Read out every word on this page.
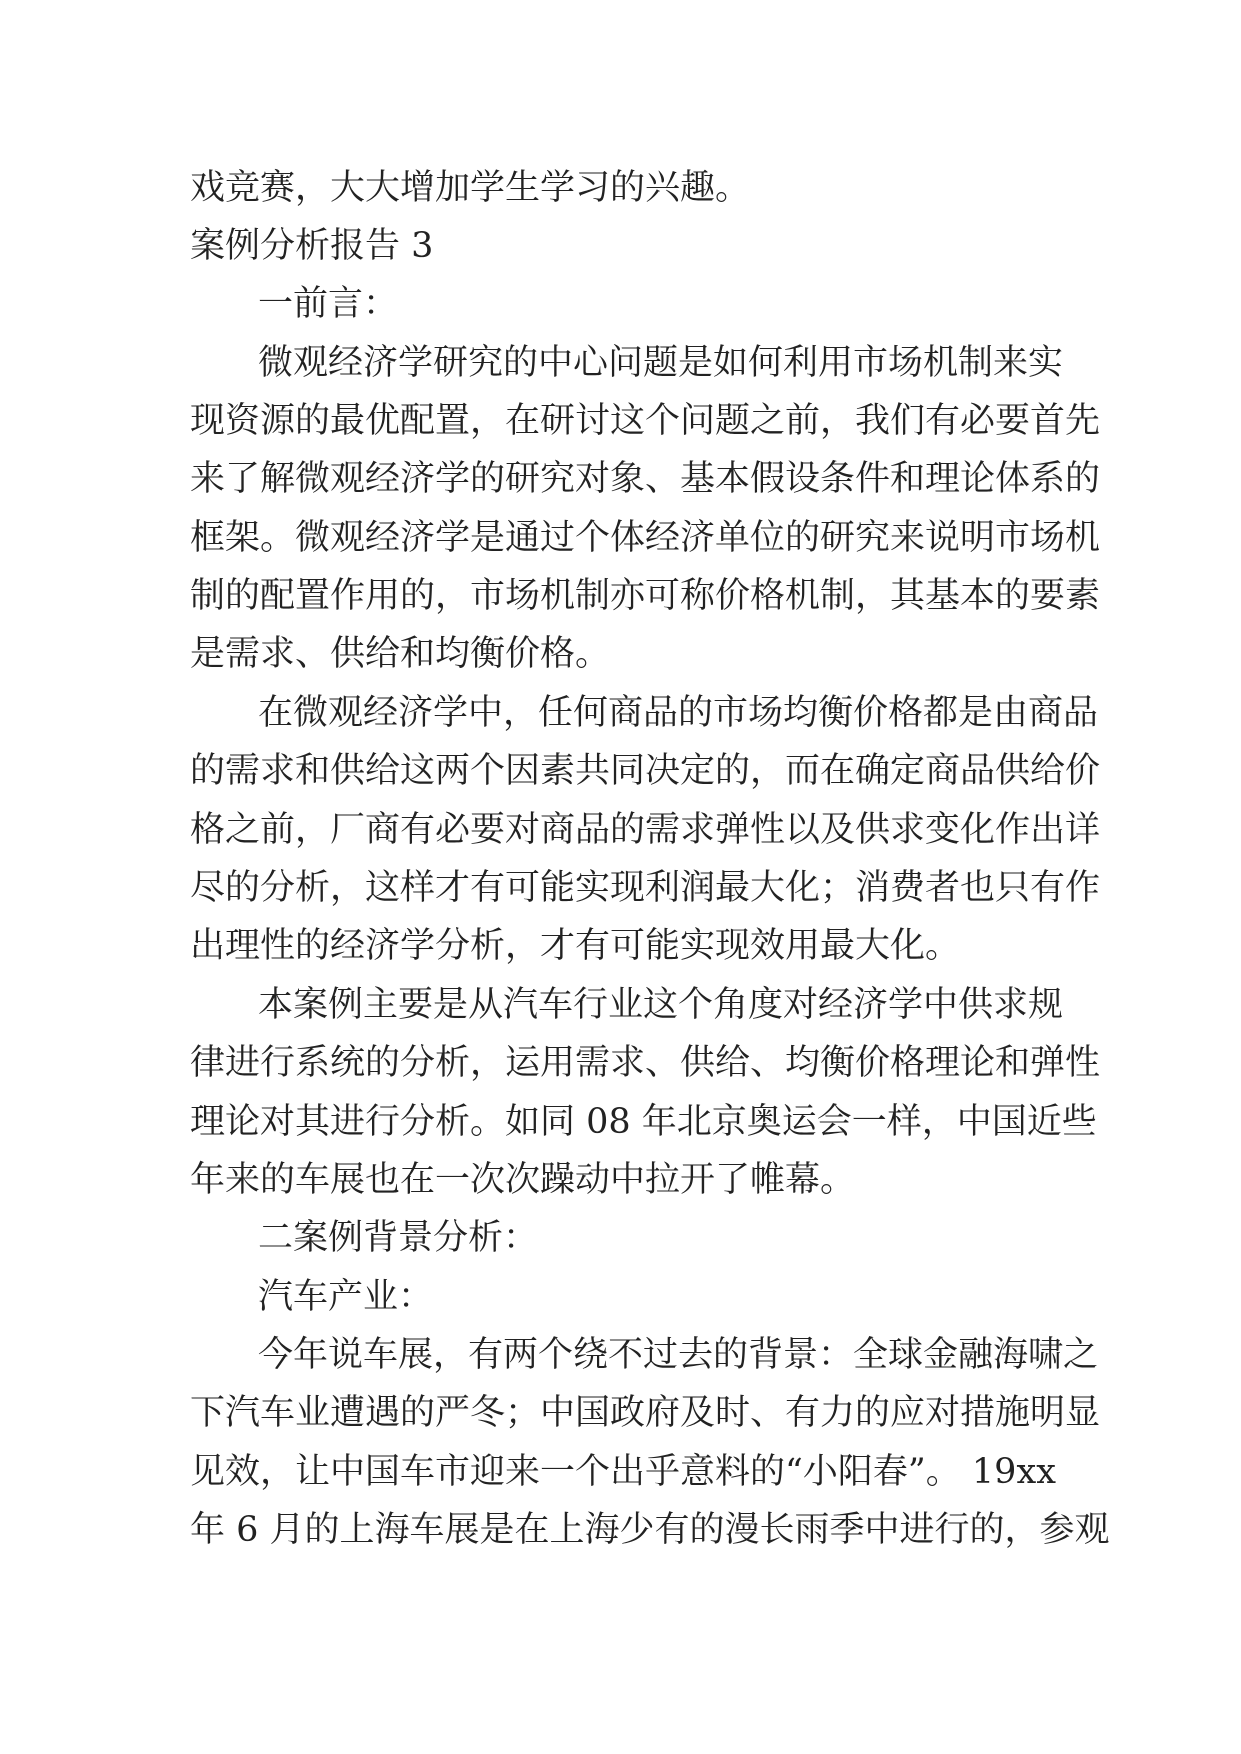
戏竞赛，大大增加学生学习的兴趣。
案例分析报告 3
一前言：
微观经济学研究的中心问题是如何利用市场机制来实
现资源的最优配置，在研讨这个问题之前，我们有必要首先
来了解微观经济学的研究对象、基本假设条件和理论体系的
框架。微观经济学是通过个体经济单位的研究来说明市场机
制的配置作用的，市场机制亦可称价格机制，其基本的要素
是需求、供给和均衡价格。
在微观经济学中，任何商品的市场均衡价格都是由商品
的需求和供给这两个因素共同决定的，而在确定商品供给价
格之前，厂商有必要对商品的需求弹性以及供求变化作出详
尽的分析，这样才有可能实现利润最大化；消费者也只有作
出理性的经济学分析，才有可能实现效用最大化。
本案例主要是从汽车行业这个角度对经济学中供求规
律进行系统的分析，运用需求、供给、均衡价格理论和弹性
理论对其进行分析。如同 08 年北京奥运会一样，中国近些
年来的车展也在一次次躁动中拉开了帷幕。
二案例背景分析：
汽车产业：
今年说车展，有两个绕不过去的背景：全球金融海啸之
下汽车业遭遇的严冬；中国政府及时、有力的应对措施明显
见效，让中国车市迎来一个出乎意料的“小阳春”。 19xx
年 6 月的上海车展是在上海少有的漫长雨季中进行的，参观
